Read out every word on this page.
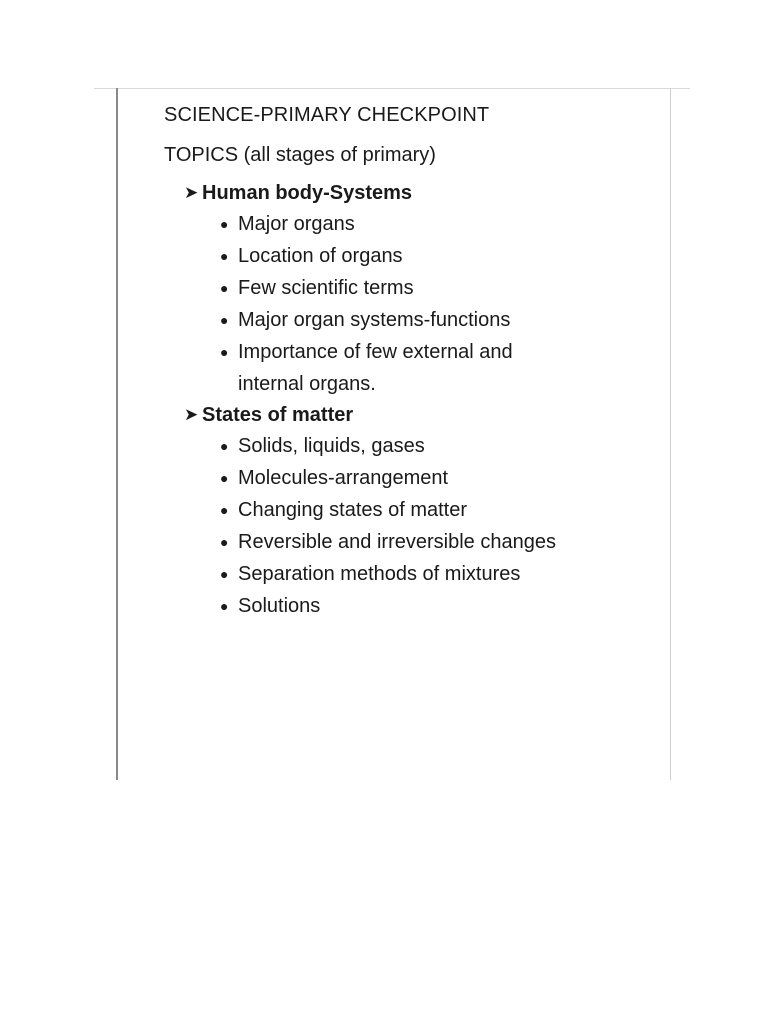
SCIENCE-PRIMARY CHECKPOINT
TOPICS (all stages of primary)
➤ Human body-Systems
● Major organs
● Location of organs
● Few scientific terms
● Major organ systems-functions
● Importance of few external and internal organs.
➤ States of matter
● Solids, liquids, gases
● Molecules-arrangement
● Changing states of matter
● Reversible and irreversible changes
● Separation methods of mixtures
● Solutions
